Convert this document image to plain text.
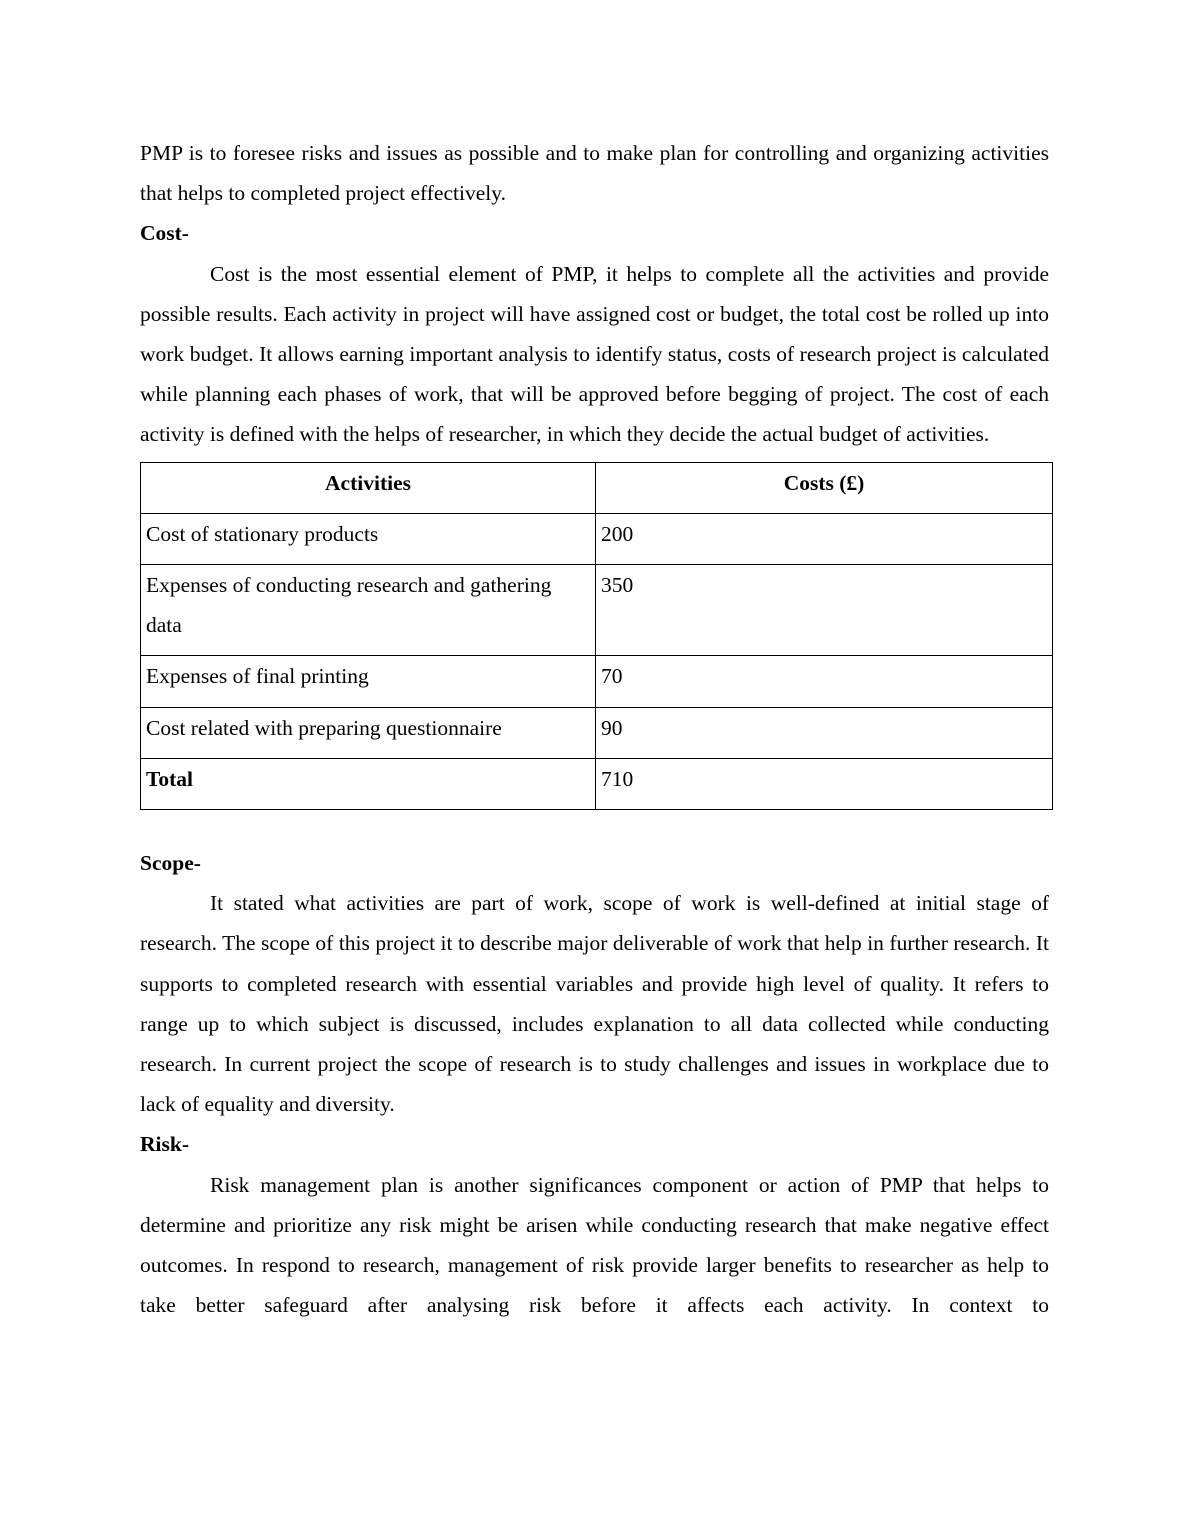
PMP is to foresee risks and issues as possible and to make plan for controlling and organizing activities that helps to completed project effectively.

Cost-

Cost is the most essential element of PMP, it helps to complete all the activities and provide possible results. Each activity in project will have assigned cost or budget, the total cost be rolled up into work budget. It allows earning important analysis to identify status, costs of research project is calculated while planning each phases of work, that will be approved before begging of project. The cost of each activity is defined with the helps of researcher, in which they decide the actual budget of activities.

Activities	Costs (£)
Cost of stationary products	200
Expenses of conducting research and gathering data	350
Expenses of final printing	70
Cost related with preparing questionnaire	90
Total	710
Scope-

It stated what activities are part of work, scope of work is well-defined at initial stage of research. The scope of this project it to describe major deliverable of work that help in further research. It supports to completed research with essential variables and provide high level of quality. It refers to range up to which subject is discussed, includes explanation to all data collected while conducting research. In current project the scope of research is to study challenges and issues in workplace due to lack of equality and diversity.

Risk-

Risk management plan is another significances component or action of PMP that helps to determine and prioritize any risk might be arisen while conducting research that make negative effect outcomes. In respond to research, management of risk provide larger benefits to researcher as help to take better safeguard after analysing risk before it affects each activity. In context to
